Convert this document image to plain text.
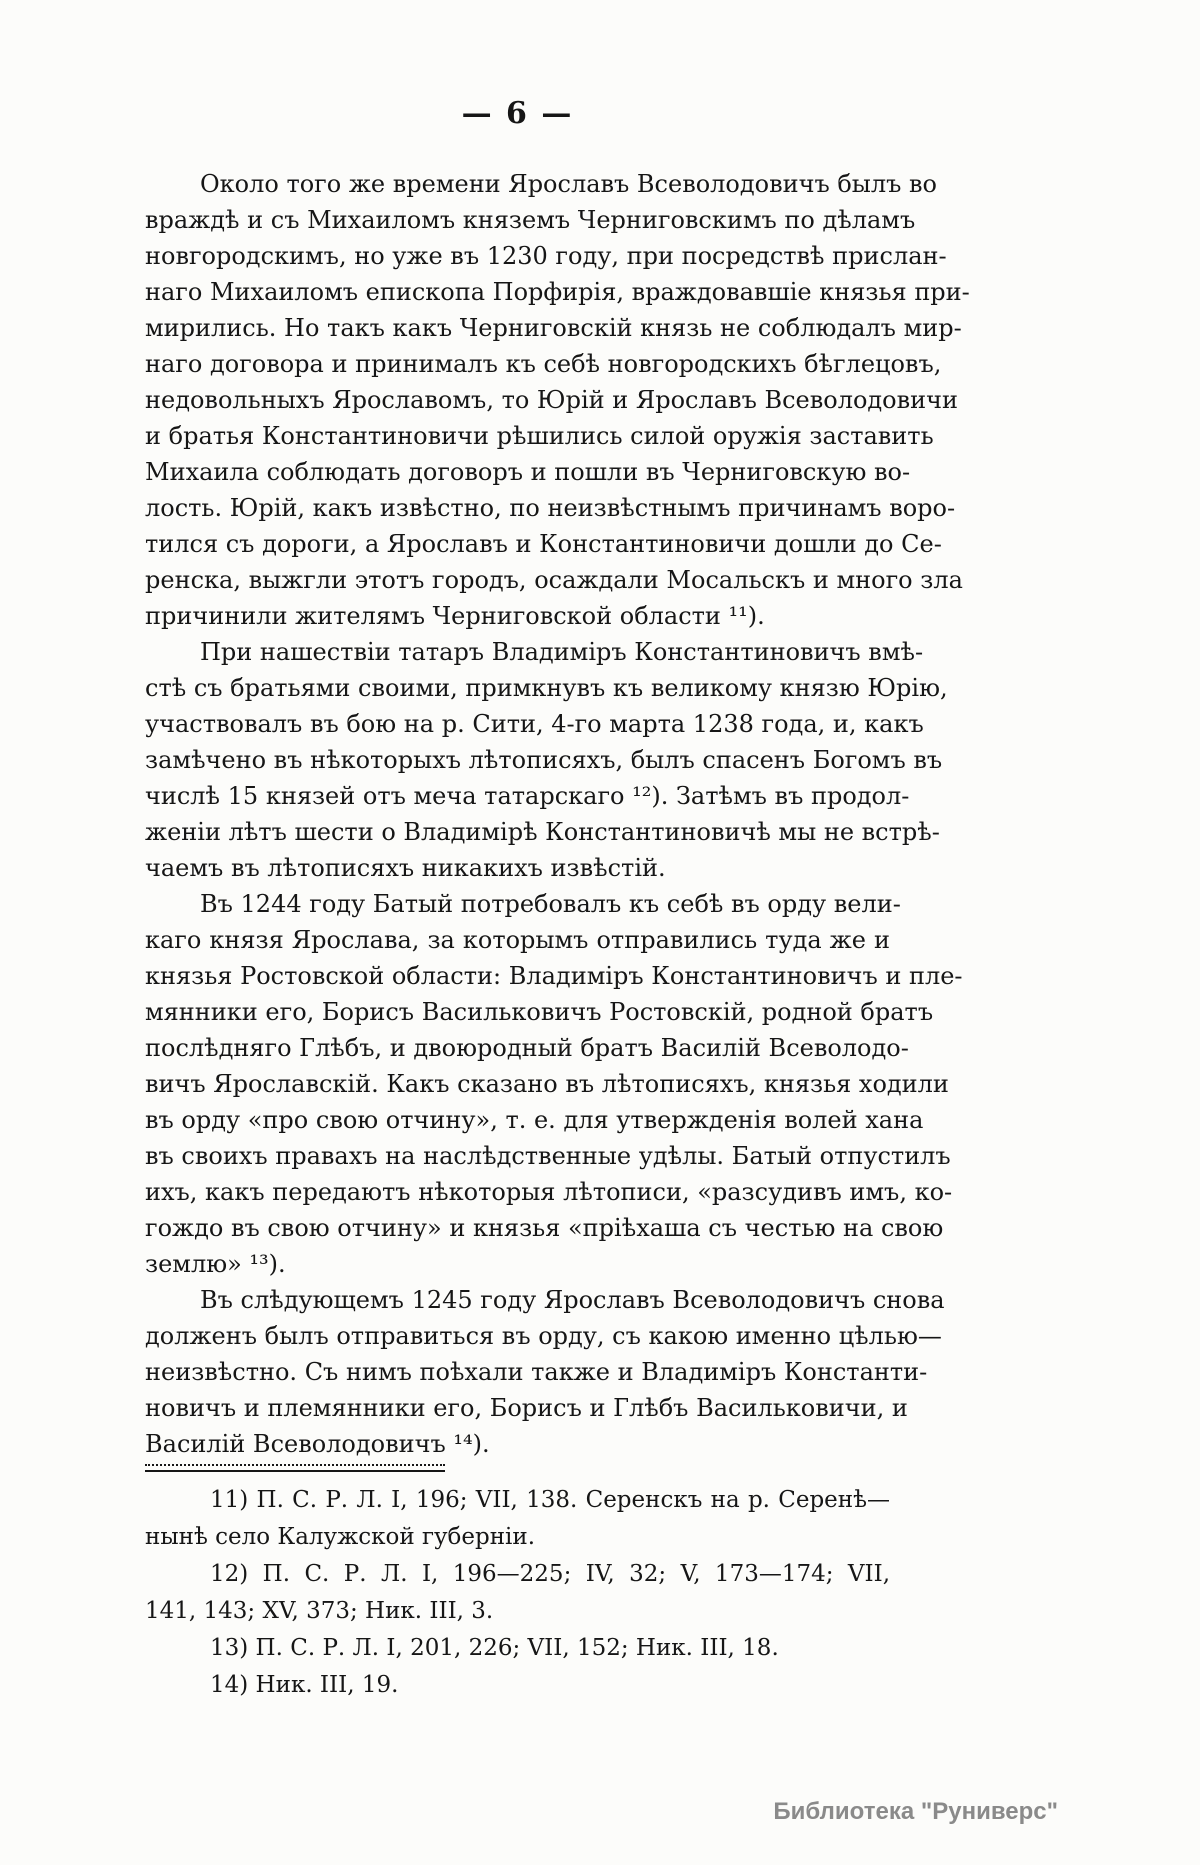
— 6 —
Около того же времени Ярославъ Всеволодовичъ былъ во
враждѣ и съ Михаиломъ княземъ Черниговскимъ по дѣламъ
новгородскимъ, но уже въ 1230 году, при посредствѣ прислан-
наго Михаиломъ епископа Порфирія, враждовавшіе князья при-
мирились. Но такъ какъ Черниговскій князь не соблюдалъ мир-
наго договора и принималъ къ себѣ новгородскихъ бѣглецовъ,
недовольныхъ Ярославомъ, то Юрій и Ярославъ Всеволодовичи
и братья Константиновичи рѣшились силой оружія заставить
Михаила соблюдать договоръ и пошли въ Черниговскую во-
лость. Юрій, какъ извѣстно, по неизвѣстнымъ причинамъ воро-
тился съ дороги, а Ярославъ и Константиновичи дошли до Се-
ренска, выжгли этотъ городъ, осаждали Мосальскъ и много зла
причинили жителямъ Черниговской области ¹¹).
При нашествіи татаръ Владиміръ Константиновичъ вмѣ-
стѣ съ братьями своими, примкнувъ къ великому князю Юрію,
участвовалъ въ бою на р. Сити, 4-го марта 1238 года, и, какъ
замѣчено въ нѣкоторыхъ лѣтописяхъ, былъ спасенъ Богомъ въ
числѣ 15 князей отъ меча татарскаго ¹²). Затѣмъ въ продол-
женіи лѣтъ шести о Владимірѣ Константиновичѣ мы не встрѣ-
чаемъ въ лѣтописяхъ никакихъ извѣстій.
Въ 1244 году Батый потребовалъ къ себѣ въ орду вели-
каго князя Ярослава, за которымъ отправились туда же и
князья Ростовской области: Владиміръ Константиновичъ и пле-
мянники его, Борисъ Васильковичъ Ростовскій, родной братъ
послѣдняго Глѣбъ, и двоюродный братъ Василій Всеволодо-
вичъ Ярославскій. Какъ сказано въ лѣтописяхъ, князья ходили
въ орду «про свою отчину», т. е. для утвержденія волей хана
въ своихъ правахъ на наслѣдственные удѣлы. Батый отпустилъ
ихъ, какъ передаютъ нѣкоторыя лѣтописи, «разсудивъ имъ, ко-
гождо въ свою отчину» и князья «пріѣхаша съ честью на свою
землю» ¹³).
Въ слѣдующемъ 1245 году Ярославъ Всеволодовичъ снова
долженъ былъ отправиться въ орду, съ какою именно цѣлью—
неизвѣстно. Съ нимъ поѣхали также и Владиміръ Константи-
новичъ и племянники его, Борисъ и Глѣбъ Васильковичи, и
Василій Всеволодовичъ ¹⁴).
11) П. С. Р. Л. I, 196; VII, 138. Серенскъ на р. Серенѣ—
нынѣ село Калужской губерніи.
12) П. С. Р. Л. I, 196—225; IV, 32; V, 173—174; VII,
141, 143; XV, 373; Ник. III, 3.
13) П. С. Р. Л. I, 201, 226; VII, 152; Ник. III, 18.
14) Ник. III, 19.
Библиотека "Руниверс"
